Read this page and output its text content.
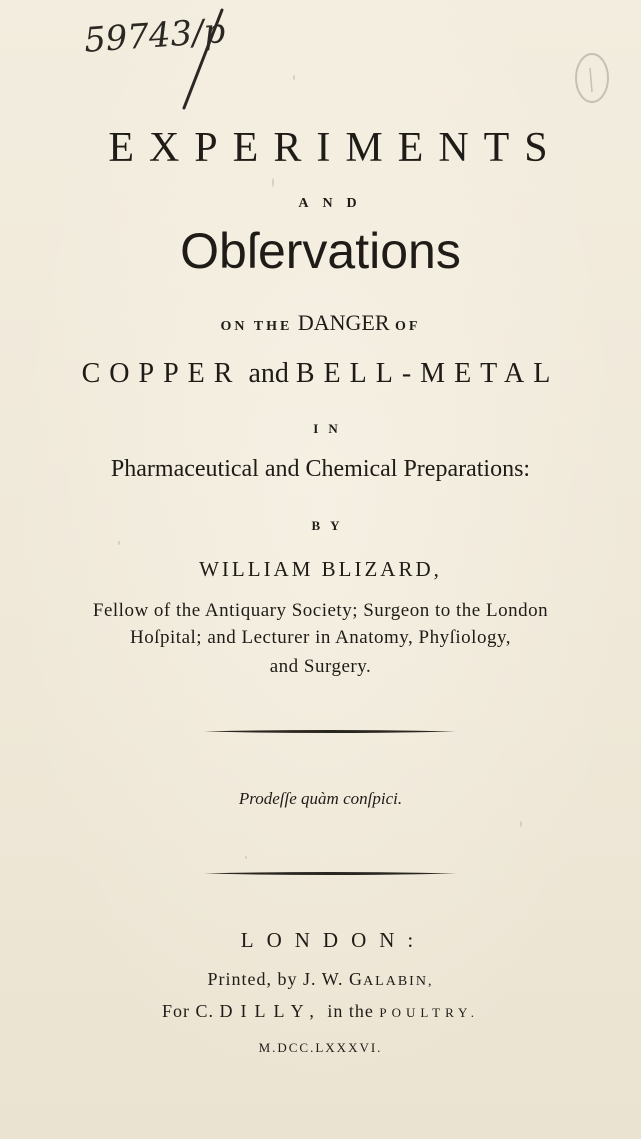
59743/p
EXPERIMENTS
AND
Obſervations
ON THE DANGER OF
COPPER and BELL-METAL
IN
Pharmaceutical and Chemical Preparations:
BY
WILLIAM BLIZARD,
Fellow of the Antiquary Society; Surgeon to the London
Hoſpital; and Lecturer in Anatomy, Phyſiology,
and Surgery.
Prodeſſe quàm conſpici.
LONDON:
Printed, by J. W. GALABIN,
For C. DILLY, in the POULTRY.
M.DCC.LXXXVI.
